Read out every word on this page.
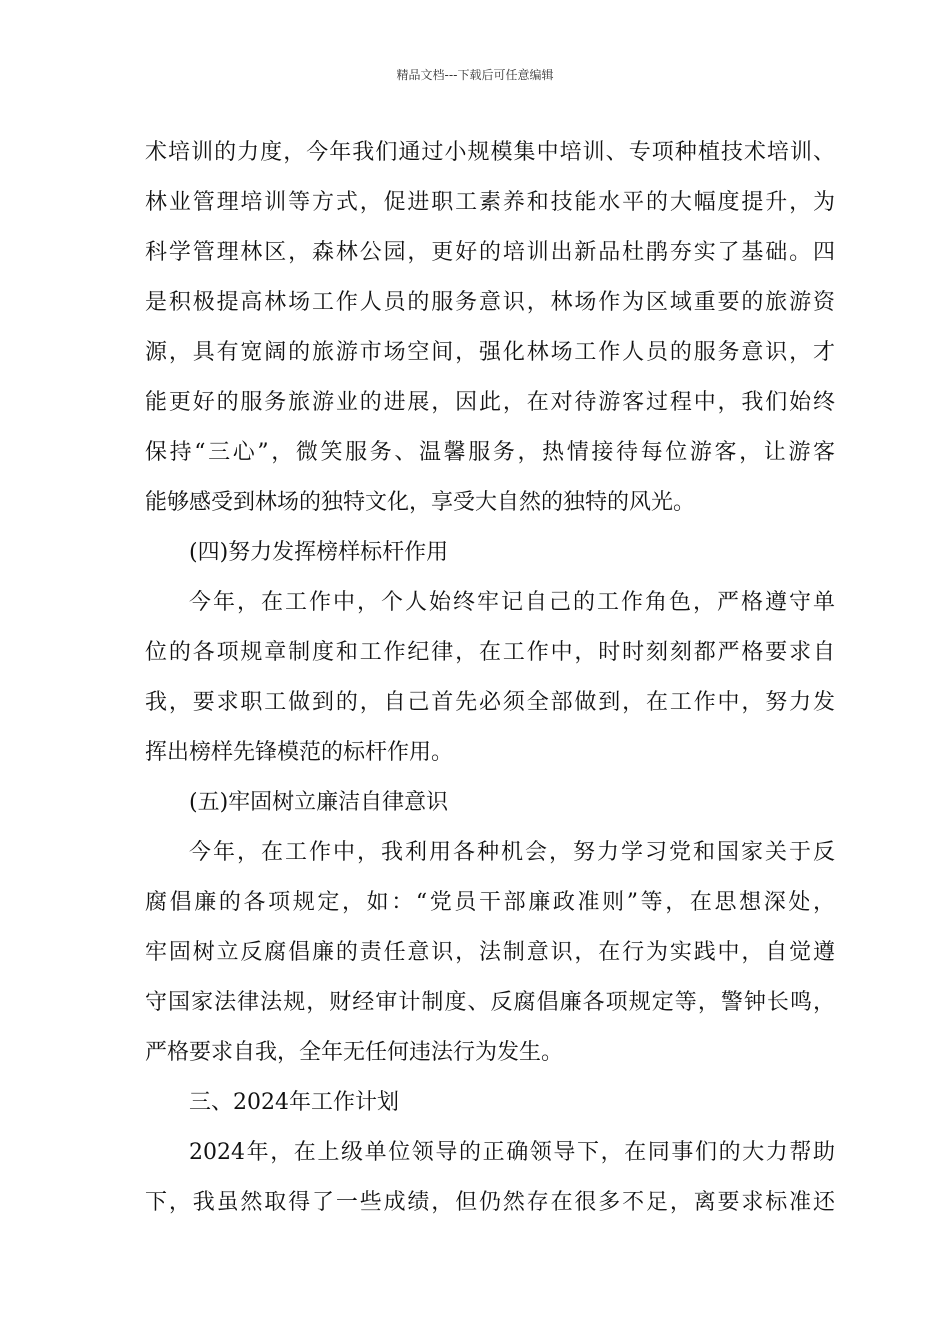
精品文档---下载后可任意编辑
术培训的力度，今年我们通过小规模集中培训、专项种植技术培训、
林业管理培训等方式，促进职工素养和技能水平的大幅度提升，为
科学管理林区，森林公园，更好的培训出新品杜鹃夯实了基础。四
是积极提高林场工作人员的服务意识，林场作为区域重要的旅游资
源，具有宽阔的旅游市场空间，强化林场工作人员的服务意识，才
能更好的服务旅游业的进展，因此，在对待游客过程中，我们始终
保持“三心”，微笑服务、温馨服务，热情接待每位游客，让游客
能够感受到林场的独特文化，享受大自然的独特的风光。
(四)努力发挥榜样标杆作用
今年，在工作中，个人始终牢记自己的工作角色，严格遵守单
位的各项规章制度和工作纪律，在工作中，时时刻刻都严格要求自
我，要求职工做到的，自己首先必须全部做到，在工作中，努力发
挥出榜样先锋模范的标杆作用。
(五)牢固树立廉洁自律意识
今年，在工作中，我利用各种机会，努力学习党和国家关于反
腐倡廉的各项规定，如：“党员干部廉政准则”等，在思想深处，
牢固树立反腐倡廉的责任意识，法制意识，在行为实践中，自觉遵
守国家法律法规，财经审计制度、反腐倡廉各项规定等，警钟长鸣，
严格要求自我，全年无任何违法行为发生。
三、2024年工作计划
2024年，在上级单位领导的正确领导下，在同事们的大力帮助
下，我虽然取得了一些成绩，但仍然存在很多不足，离要求标准还
